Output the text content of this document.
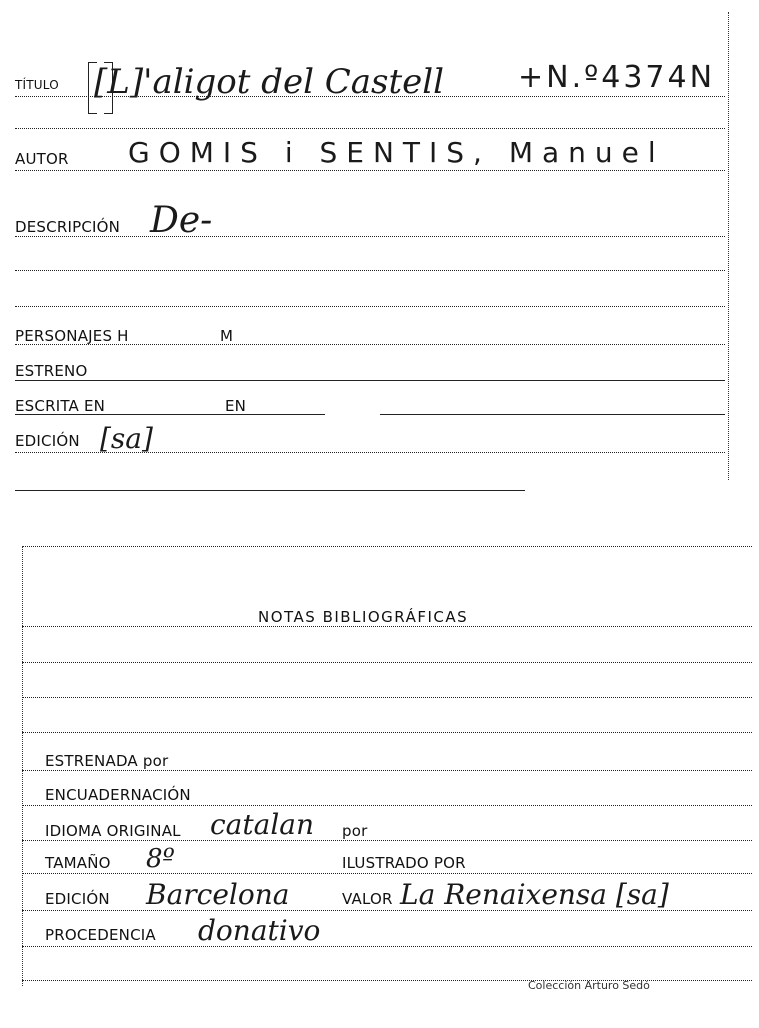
TÍTULO [L]'aligot del Castell +N.º4374N
AUTOR GOMIS i SENTIS, Manuel
DESCRIPCIÓN De-
PERSONAJES H	M
ESTRENO
ESCRITA EN	EN
EDICIÓN [sa]
NOTAS BIBLIOGRÁFICAS
ESTRENADA por
ENCUADERNACIÓN
IDIOMA ORIGINAL catalan por
TAMAÑO 8º	ILUSTRADO POR
EDICIÓN Barcelona	VALOR La Renaixensa [sa]
PROCEDENCIA donativo
Colección Arturo Sedó
